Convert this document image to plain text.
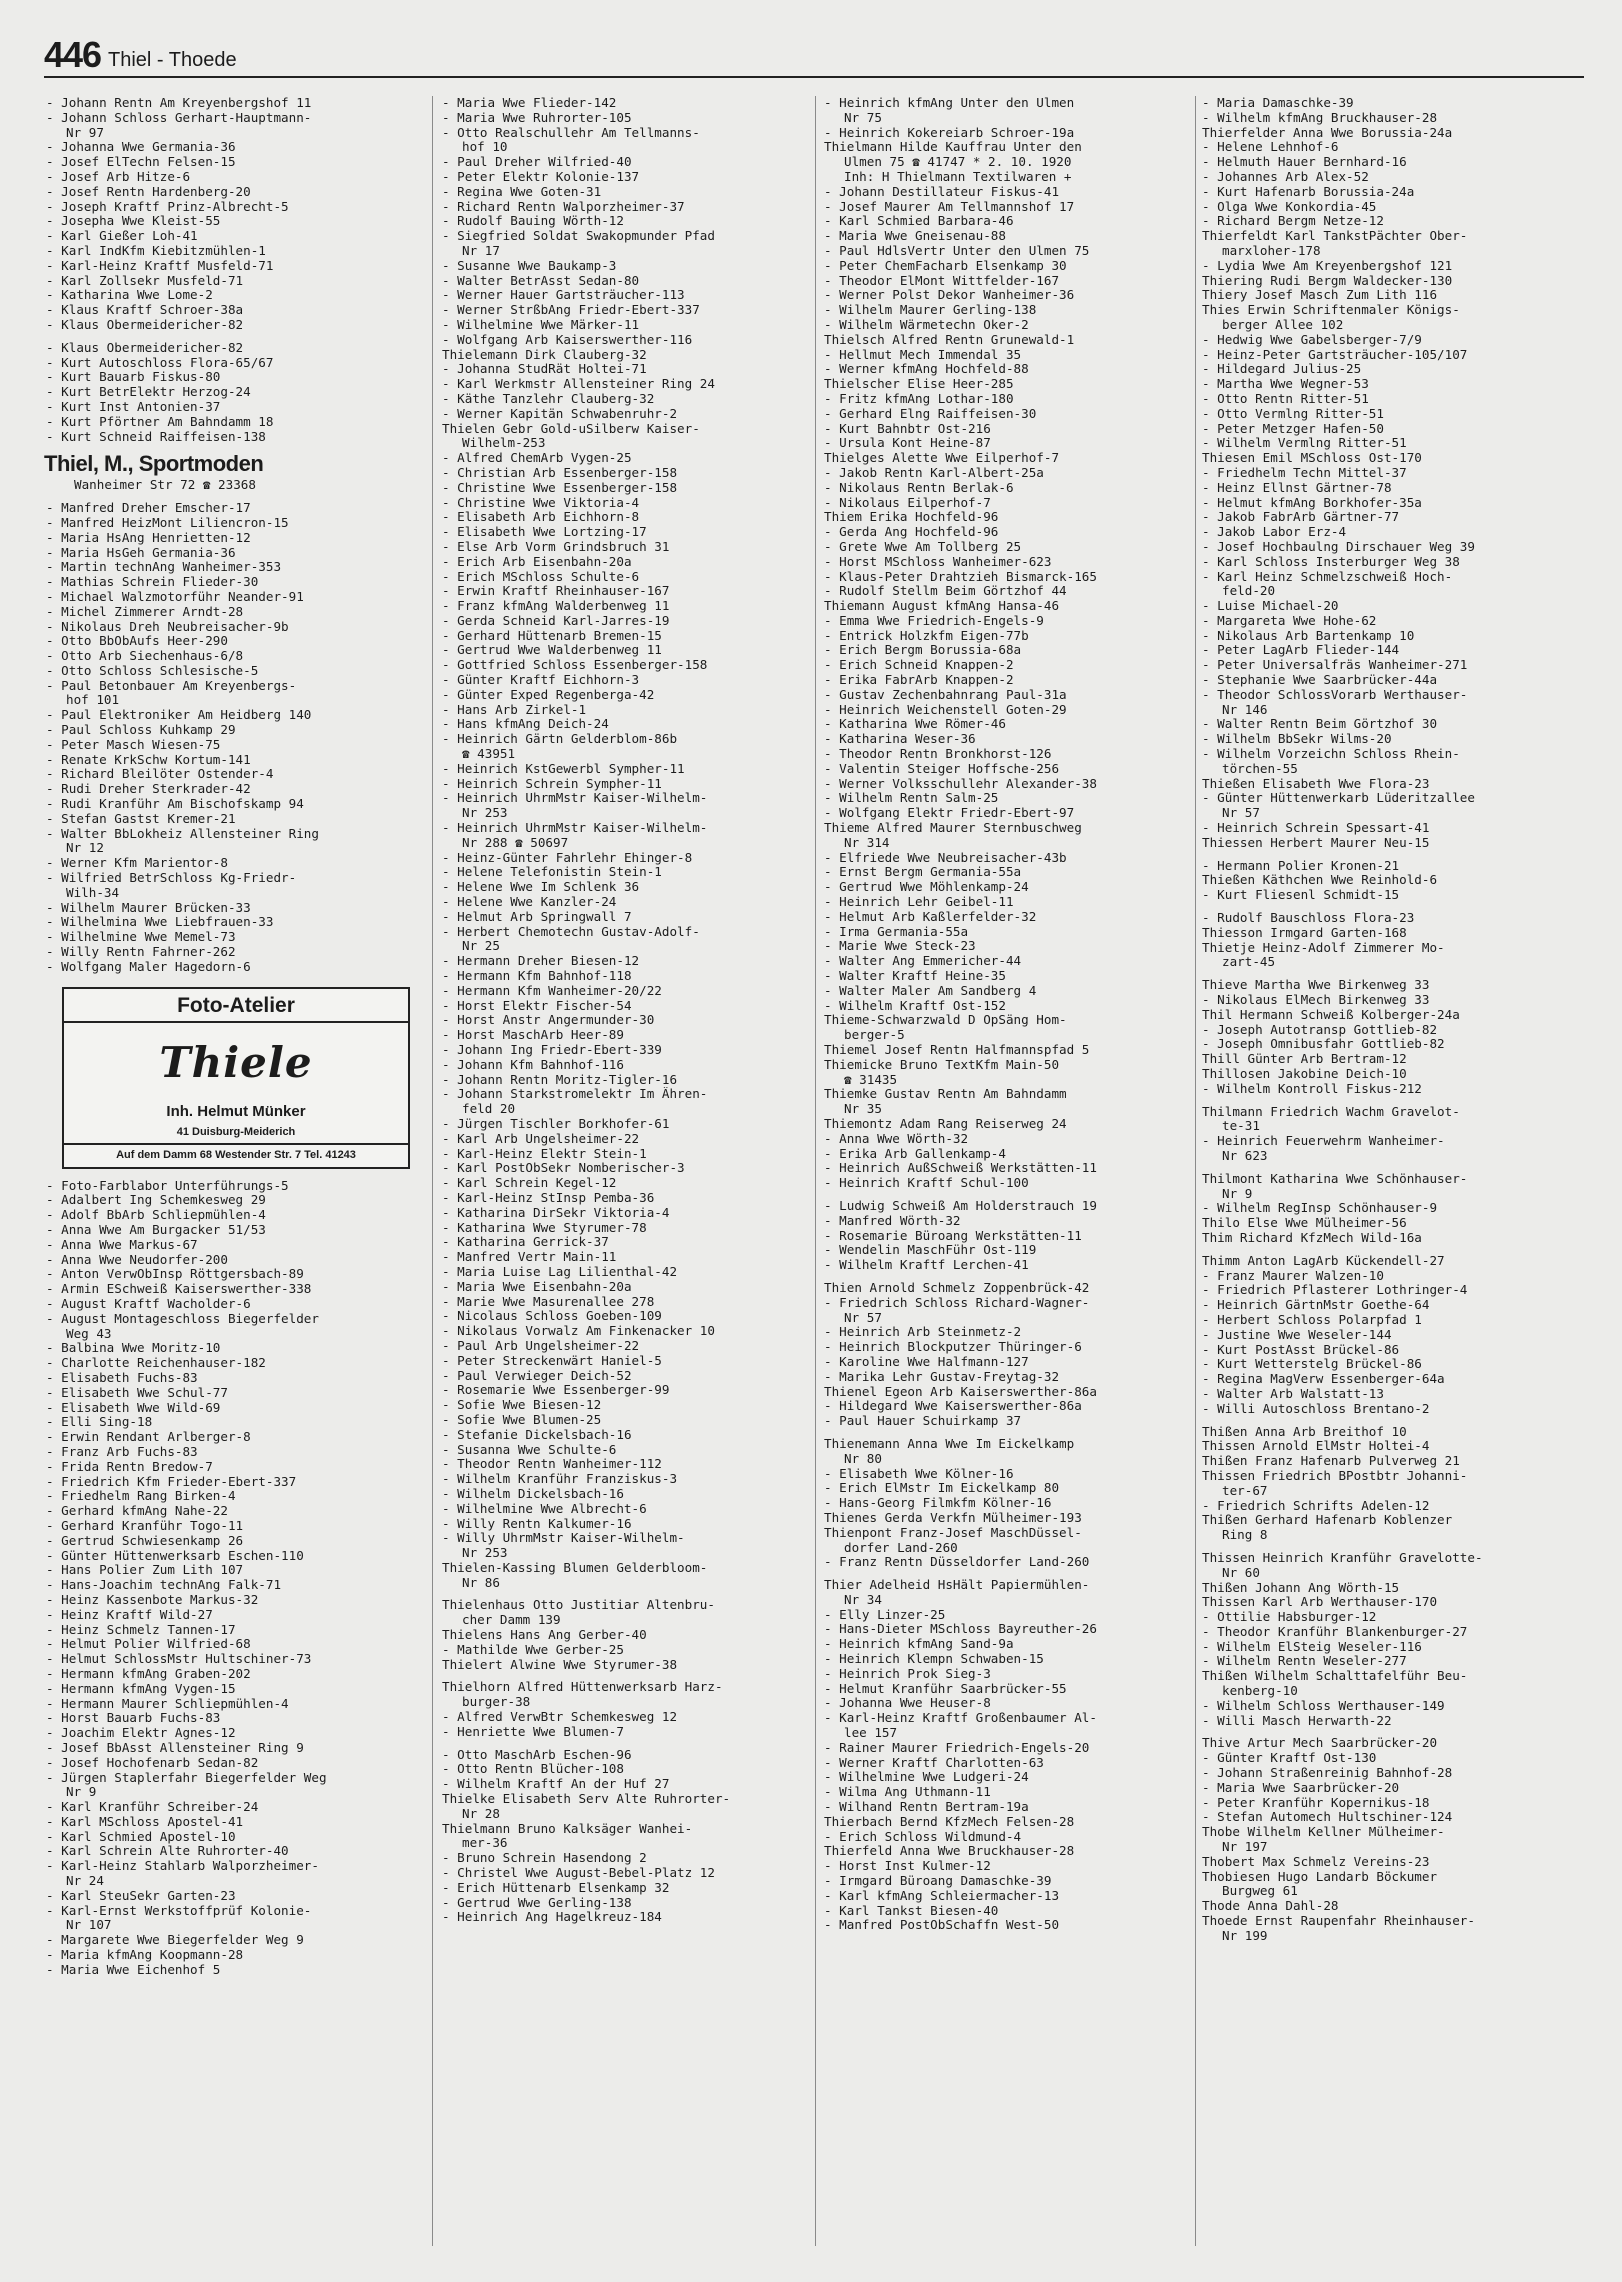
446 Thiel - Thoede
- Johann Rentn Am Kreyenbergshof 11
- Johann Schloss Gerhart-Hauptmann-
Nr 97
- Johanna Wwe Germania-36
- Josef ElTechn Felsen-15
- Josef Arb Hitze-6
- Josef Rentn Hardenberg-20
- Joseph Kraftf Prinz-Albrecht-5
- Josepha Wwe Kleist-55
- Karl Gießer Loh-41
- Karl IndKfm Kiebitzmühlen-1
- Karl-Heinz Kraftf Musfeld-71
- Karl Zollsekr Musfeld-71
- Katharina Wwe Lome-2
- Klaus Kraftf Schroer-38a
- Klaus Obermeidericher-82
- Klaus Obermeidericher-82
- Kurt Autoschloss Flora-65/67
- Kurt Bauarb Fiskus-80
- Kurt BetrElektr Herzog-24
- Kurt Inst Antonien-37
- Kurt Pförtner Am Bahndamm 18
- Kurt Schneid Raiffeisen-138
Thiel, M., Sportmoden
Wanheimer Str 72 ☎ 23368
- Manfred Dreher Emscher-17
- Manfred HeizMont Liliencron-15
- Maria HsAng Henrietten-12
- Maria HsGeh Germania-36
- Martin technAng Wanheimer-353
- Mathias Schrein Flieder-30
- Michael Walzmotorführ Neander-91
- Michel Zimmerer Arndt-28
- Nikolaus Dreh Neubreisacher-9b
- Otto BbObAufs Heer-290
- Otto Arb Siechenhaus-6/8
- Otto Schloss Schlesische-5
- Paul Betonbauer Am Kreyenbergs-
hof 101
- Paul Elektroniker Am Heidberg 140
- Paul Schloss Kuhkamp 29
- Peter Masch Wiesen-75
- Renate KrkSchw Kortum-141
- Richard Bleilöter Ostender-4
- Rudi Dreher Sterkrader-42
- Rudi Kranführ Am Bischofskamp 94
- Stefan Gastst Kremer-21
- Walter BbLokheiz Allensteiner Ring
Nr 12
- Werner Kfm Marientor-8
- Wilfried BetrSchloss Kg-Friedr-
Wilh-34
- Wilhelm Maurer Brücken-33
- Wilhelmina Wwe Liebfrauen-33
- Wilhelmine Wwe Memel-73
- Willy Rentn Fahrner-262
- Wolfgang Maler Hagedorn-6
Foto-Atelier
Thiele
Inh. Helmut Münker
41 Duisburg-Meiderich
Auf dem Damm 68 Westender Str. 7 Tel. 41243
- Foto-Farblabor Unterführungs-5
- Adalbert Ing Schemkesweg 29
- Adolf BbArb Schliepmühlen-4
- Anna Wwe Am Burgacker 51/53
- Anna Wwe Markus-67
- Anna Wwe Neudorfer-200
- Anton VerwObInsp Röttgersbach-89
- Armin ESchweiß Kaiserswerther-338
- August Kraftf Wacholder-6
- August Montageschloss Biegerfelder
Weg 43
- Balbina Wwe Moritz-10
- Charlotte Reichenhauser-182
- Elisabeth Fuchs-83
- Elisabeth Wwe Schul-77
- Elisabeth Wwe Wild-69
- Elli Sing-18
- Erwin Rendant Arlberger-8
- Franz Arb Fuchs-83
- Frida Rentn Bredow-7
- Friedrich Kfm Frieder-Ebert-337
- Friedhelm Rang Birken-4
- Gerhard kfmAng Nahe-22
- Gerhard Kranführ Togo-11
- Gertrud Schwiesenkamp 26
- Günter Hüttenwerksarb Eschen-110
- Hans Polier Zum Lith 107
- Hans-Joachim technAng Falk-71
- Heinz Kassenbote Markus-32
- Heinz Kraftf Wild-27
- Heinz Schmelz Tannen-17
- Helmut Polier Wilfried-68
- Helmut SchlossMstr Hultschiner-73
- Hermann kfmAng Graben-202
- Hermann kfmAng Vygen-15
- Hermann Maurer Schliepmühlen-4
- Horst Bauarb Fuchs-83
- Joachim Elektr Agnes-12
- Josef BbAsst Allensteiner Ring 9
- Josef Hochofenarb Sedan-82
- Jürgen Staplerfahr Biegerfelder Weg
Nr 9
- Karl Kranführ Schreiber-24
- Karl MSchloss Apostel-41
- Karl Schmied Apostel-10
- Karl Schrein Alte Ruhrorter-40
- Karl-Heinz Stahlarb Walporzheimer-
Nr 24
- Karl SteuSekr Garten-23
- Karl-Ernst Werkstoffprüf Kolonie-
Nr 107
- Margarete Wwe Biegerfelder Weg 9
- Maria kfmAng Koopmann-28
- Maria Wwe Eichenhof 5
- Maria Wwe Flieder-142
- Maria Wwe Ruhrorter-105
- Otto Realschullehr Am Tellmanns-
hof 10
- Paul Dreher Wilfried-40
- Peter Elektr Kolonie-137
- Regina Wwe Goten-31
- Richard Rentn Walporzheimer-37
- Rudolf Bauing Wörth-12
- Siegfried Soldat Swakopmunder Pfad
Nr 17
- Susanne Wwe Baukamp-3
- Walter BetrAsst Sedan-80
- Werner Hauer Gartsträucher-113
- Werner StrßbAng Friedr-Ebert-337
- Wilhelmine Wwe Märker-11
- Wolfgang Arb Kaiserswerther-116
Thielemann Dirk Clauberg-32
- Johanna StudRät Holtei-71
- Karl Werkmstr Allensteiner Ring 24
- Käthe Tanzlehr Clauberg-32
- Werner Kapitän Schwabenruhr-2
Thielen Gebr Gold-uSilberw Kaiser-
Wilhelm-253
- Alfred ChemArb Vygen-25
- Christian Arb Essenberger-158
- Christine Wwe Essenberger-158
- Christine Wwe Viktoria-4
- Elisabeth Arb Eichhorn-8
- Elisabeth Wwe Lortzing-17
- Else Arb Vorm Grindsbruch 31
- Erich Arb Eisenbahn-20a
- Erich MSchloss Schulte-6
- Erwin Kraftf Rheinhauser-167
- Franz kfmAng Walderbenweg 11
- Gerda Schneid Karl-Jarres-19
- Gerhard Hüttenarb Bremen-15
- Gertrud Wwe Walderbenweg 11
- Gottfried Schloss Essenberger-158
- Günter Kraftf Eichhorn-3
- Günter Exped Regenberga-42
- Hans Arb Zirkel-1
- Hans kfmAng Deich-24
- Heinrich Gärtn Gelderblom-86b
☎ 43951
- Heinrich KstGewerbl Sympher-11
- Heinrich Schrein Sympher-11
- Heinrich UhrmMstr Kaiser-Wilhelm-
Nr 253
- Heinrich UhrmMstr Kaiser-Wilhelm-
Nr 288 ☎ 50697
- Heinz-Günter Fahrlehr Ehinger-8
- Helene Telefonistin Stein-1
- Helene Wwe Im Schlenk 36
- Helene Wwe Kanzler-24
- Helmut Arb Springwall 7
- Herbert Chemotechn Gustav-Adolf-
Nr 25
- Hermann Dreher Biesen-12
- Hermann Kfm Bahnhof-118
- Hermann Kfm Wanheimer-20/22
- Horst Elektr Fischer-54
- Horst Anstr Angermunder-30
- Horst MaschArb Heer-89
- Johann Ing Friedr-Ebert-339
- Johann Kfm Bahnhof-116
- Johann Rentn Moritz-Tigler-16
- Johann Starkstromelektr Im Ähren-
feld 20
- Jürgen Tischler Borkhofer-61
- Karl Arb Ungelsheimer-22
- Karl-Heinz Elektr Stein-1
- Karl PostObSekr Nomberischer-3
- Karl Schrein Kegel-12
- Karl-Heinz StInsp Pemba-36
- Katharina DirSekr Viktoria-4
- Katharina Wwe Styrumer-78
- Katharina Gerrick-37
- Manfred Vertr Main-11
- Maria Luise Lag Lilienthal-42
- Maria Wwe Eisenbahn-20a
- Marie Wwe Masurenallee 278
- Nicolaus Schloss Goeben-109
- Nikolaus Vorwalz Am Finkenacker 10
- Paul Arb Ungelsheimer-22
- Peter Streckenwärt Haniel-5
- Paul Verwieger Deich-52
- Rosemarie Wwe Essenberger-99
- Sofie Wwe Biesen-12
- Sofie Wwe Blumen-25
- Stefanie Dickelsbach-16
- Susanna Wwe Schulte-6
- Theodor Rentn Wanheimer-112
- Wilhelm Kranführ Franziskus-3
- Wilhelm Dickelsbach-16
- Wilhelmine Wwe Albrecht-6
- Willy Rentn Kalkumer-16
- Willy UhrmMstr Kaiser-Wilhelm-
Nr 253
Thielen-Kassing Blumen Gelderbloom-
Nr 86
Thielenhaus Otto Justitiar Altenbru-
cher Damm 139
Thielens Hans Ang Gerber-40
- Mathilde Wwe Gerber-25
Thielert Alwine Wwe Styrumer-38
Thielhorn Alfred Hüttenwerksarb Harz-
burger-38
- Alfred VerwBtr Schemkesweg 12
- Henriette Wwe Blumen-7
- Otto MaschArb Eschen-96
- Otto Rentn Blücher-108
- Wilhelm Kraftf An der Huf 27
Thielke Elisabeth Serv Alte Ruhrorter-
Nr 28
Thielmann Bruno Kalksäger Wanhei-
mer-36
- Bruno Schrein Hasendong 2
- Christel Wwe August-Bebel-Platz 12
- Erich Hüttenarb Elsenkamp 32
- Gertrud Wwe Gerling-138
- Heinrich Ang Hagelkreuz-184
- Heinrich kfmAng Unter den Ulmen
Nr 75
- Heinrich Kokereiarb Schroer-19a
Thielmann Hilde Kauffrau Unter den
Ulmen 75 ☎ 41747 * 2. 10. 1920
Inh: H Thielmann Textilwaren +
- Johann Destillateur Fiskus-41
- Josef Maurer Am Tellmannshof 17
- Karl Schmied Barbara-46
- Maria Wwe Gneisenau-88
- Paul HdlsVertr Unter den Ulmen 75
- Peter ChemFacharb Elsenkamp 30
- Theodor ElMont Wittfelder-167
- Werner Polst Dekor Wanheimer-36
- Wilhelm Maurer Gerling-138
- Wilhelm Wärmetechn Oker-2
Thielsch Alfred Rentn Grunewald-1
- Hellmut Mech Immendal 35
- Werner kfmAng Hochfeld-88
Thielscher Elise Heer-285
- Fritz kfmAng Lothar-180
- Gerhard Elng Raiffeisen-30
- Kurt Bahnbtr Ost-216
- Ursula Kont Heine-87
Thielges Alette Wwe Eilperhof-7
- Jakob Rentn Karl-Albert-25a
- Nikolaus Rentn Berlak-6
- Nikolaus Eilperhof-7
Thiem Erika Hochfeld-96
- Gerda Ang Hochfeld-96
- Grete Wwe Am Tollberg 25
- Horst MSchloss Wanheimer-623
- Klaus-Peter Drahtzieh Bismarck-165
- Rudolf Stellm Beim Görtzhof 44
Thiemann August kfmAng Hansa-46
- Emma Wwe Friedrich-Engels-9
- Entrick Holzkfm Eigen-77b
- Erich Bergm Borussia-68a
- Erich Schneid Knappen-2
- Erika FabrArb Knappen-2
- Gustav Zechenbahnrang Paul-31a
- Heinrich Weichenstell Goten-29
- Katharina Wwe Römer-46
- Katharina Weser-36
- Theodor Rentn Bronkhorst-126
- Valentin Steiger Hoffsche-256
- Werner Volksschullehr Alexander-38
- Wilhelm Rentn Salm-25
- Wolfgang Elektr Friedr-Ebert-97
Thieme Alfred Maurer Sternbuschweg
Nr 314
- Elfriede Wwe Neubreisacher-43b
- Ernst Bergm Germania-55a
- Gertrud Wwe Möhlenkamp-24
- Heinrich Lehr Geibel-11
- Helmut Arb Kaßlerfelder-32
- Irma Germania-55a
- Marie Wwe Steck-23
- Walter Ang Emmericher-44
- Walter Kraftf Heine-35
- Walter Maler Am Sandberg 4
- Wilhelm Kraftf Ost-152
Thieme-Schwarzwald D OpSäng Hom-
berger-5
Thiemel Josef Rentn Halfmannspfad 5
Thiemicke Bruno TextKfm Main-50
☎ 31435
Thiemke Gustav Rentn Am Bahndamm
Nr 35
Thiemontz Adam Rang Reiserweg 24
- Anna Wwe Wörth-32
- Erika Arb Gallenkamp-4
- Heinrich AußSchweiß Werkstätten-11
- Heinrich Kraftf Schul-100
- Ludwig Schweiß Am Holderstrauch 19
- Manfred Wörth-32
- Rosemarie Büroang Werkstätten-11
- Wendelin MaschFühr Ost-119
- Wilhelm Kraftf Lerchen-41
Thien Arnold Schmelz Zoppenbrück-42
- Friedrich Schloss Richard-Wagner-
Nr 57
- Heinrich Arb Steinmetz-2
- Heinrich Blockputzer Thüringer-6
- Karoline Wwe Halfmann-127
- Marika Lehr Gustav-Freytag-32
Thienel Egeon Arb Kaiserswerther-86a
- Hildegard Wwe Kaiserswerther-86a
- Paul Hauer Schuirkamp 37
Thienemann Anna Wwe Im Eickelkamp
Nr 80
- Elisabeth Wwe Kölner-16
- Erich ElMstr Im Eickelkamp 80
- Hans-Georg Filmkfm Kölner-16
Thienes Gerda Verkfn Mülheimer-193
Thienpont Franz-Josef MaschDüssel-
dorfer Land-260
- Franz Rentn Düsseldorfer Land-260
Thier Adelheid HsHält Papiermühlen-
Nr 34
- Elly Linzer-25
- Hans-Dieter MSchloss Bayreuther-26
- Heinrich kfmAng Sand-9a
- Heinrich Klempn Schwaben-15
- Heinrich Prok Sieg-3
- Helmut Kranführ Saarbrücker-55
- Johanna Wwe Heuser-8
- Karl-Heinz Kraftf Großenbaumer Al-
lee 157
- Rainer Maurer Friedrich-Engels-20
- Werner Kraftf Charlotten-63
- Wilhelmine Wwe Ludgeri-24
- Wilma Ang Uthmann-11
- Wilhand Rentn Bertram-19a
Thierbach Bernd KfzMech Felsen-28
- Erich Schloss Wildmund-4
Thierfeld Anna Wwe Bruckhauser-28
- Horst Inst Kulmer-12
- Irmgard Büroang Damaschke-39
- Karl kfmAng Schleiermacher-13
- Karl Tankst Biesen-40
- Manfred PostObSchaffn West-50
- Maria Damaschke-39
- Wilhelm kfmAng Bruckhauser-28
Thierfelder Anna Wwe Borussia-24a
- Helene Lehnhof-6
- Helmuth Hauer Bernhard-16
- Johannes Arb Alex-52
- Kurt Hafenarb Borussia-24a
- Olga Wwe Konkordia-45
- Richard Bergm Netze-12
Thierfeldt Karl TankstPächter Ober-
marxloher-178
- Lydia Wwe Am Kreyenbergshof 121
Thiering Rudi Bergm Waldecker-130
Thiery Josef Masch Zum Lith 116
Thies Erwin Schriftenmaler Königs-
berger Allee 102
- Hedwig Wwe Gabelsberger-7/9
- Heinz-Peter Gartsträucher-105/107
- Hildegard Julius-25
- Martha Wwe Wegner-53
- Otto Rentn Ritter-51
- Otto Vermlng Ritter-51
- Peter Metzger Hafen-50
- Wilhelm Vermlng Ritter-51
Thiesen Emil MSchloss Ost-170
- Friedhelm Techn Mittel-37
- Heinz Ellnst Gärtner-78
- Helmut kfmAng Borkhofer-35a
- Jakob FabrArb Gärtner-77
- Jakob Labor Erz-4
- Josef Hochbaulng Dirschauer Weg 39
- Karl Schloss Insterburger Weg 38
- Karl Heinz Schmelzschweiß Hoch-
feld-20
- Luise Michael-20
- Margareta Wwe Hohe-62
- Nikolaus Arb Bartenkamp 10
- Peter LagArb Flieder-144
- Peter Universalfräs Wanheimer-271
- Stephanie Wwe Saarbrücker-44a
- Theodor SchlossVorarb Werthauser-
Nr 146
- Walter Rentn Beim Görtzhof 30
- Wilhelm BbSekr Wilms-20
- Wilhelm Vorzeichn Schloss Rhein-
törchen-55
Thießen Elisabeth Wwe Flora-23
- Günter Hüttenwerkarb Lüderitzallee
Nr 57
- Heinrich Schrein Spessart-41
Thiessen Herbert Maurer Neu-15
- Hermann Polier Kronen-21
Thießen Käthchen Wwe Reinhold-6
- Kurt Fliesenl Schmidt-15
- Rudolf Bauschloss Flora-23
Thiesson Irmgard Garten-168
Thietje Heinz-Adolf Zimmerer Mo-
zart-45
Thieve Martha Wwe Birkenweg 33
- Nikolaus ElMech Birkenweg 33
Thil Hermann Schweiß Kolberger-24a
- Joseph Autotransp Gottlieb-82
- Joseph Omnibusfahr Gottlieb-82
Thill Günter Arb Bertram-12
Thillosen Jakobine Deich-10
- Wilhelm Kontroll Fiskus-212
Thilmann Friedrich Wachm Gravelot-
te-31
- Heinrich Feuerwehrm Wanheimer-
Nr 623
Thilmont Katharina Wwe Schönhauser-
Nr 9
- Wilhelm RegInsp Schönhauser-9
Thilo Else Wwe Mülheimer-56
Thim Richard KfzMech Wild-16a
Thimm Anton LagArb Kückendell-27
- Franz Maurer Walzen-10
- Friedrich Pflasterer Lothringer-4
- Heinrich GärtnMstr Goethe-64
- Herbert Schloss Polarpfad 1
- Justine Wwe Weseler-144
- Kurt PostAsst Brückel-86
- Kurt Wetterstelg Brückel-86
- Regina MagVerw Essenberger-64a
- Walter Arb Walstatt-13
- Willi Autoschloss Brentano-2
Thißen Anna Arb Breithof 10
Thissen Arnold ElMstr Holtei-4
Thißen Franz Hafenarb Pulverweg 21
Thissen Friedrich BPostbtr Johanni-
ter-67
- Friedrich Schrifts Adelen-12
Thißen Gerhard Hafenarb Koblenzer
Ring 8
Thissen Heinrich Kranführ Gravelotte-
Nr 60
Thißen Johann Ang Wörth-15
Thissen Karl Arb Werthauser-170
- Ottilie Habsburger-12
- Theodor Kranführ Blankenburger-27
- Wilhelm ElSteig Weseler-116
- Wilhelm Rentn Weseler-277
Thißen Wilhelm Schalttafelführ Beu-
kenberg-10
- Wilhelm Schloss Werthauser-149
- Willi Masch Herwarth-22
Thive Artur Mech Saarbrücker-20
- Günter Kraftf Ost-130
- Johann Straßenreinig Bahnhof-28
- Maria Wwe Saarbrücker-20
- Peter Kranführ Kopernikus-18
- Stefan Automech Hultschiner-124
Thobe Wilhelm Kellner Mülheimer-
Nr 197
Thobert Max Schmelz Vereins-23
Thobiesen Hugo Landarb Böckumer
Burgweg 61
Thode Anna Dahl-28
Thoede Ernst Raupenfahr Rheinhauser-
Nr 199
